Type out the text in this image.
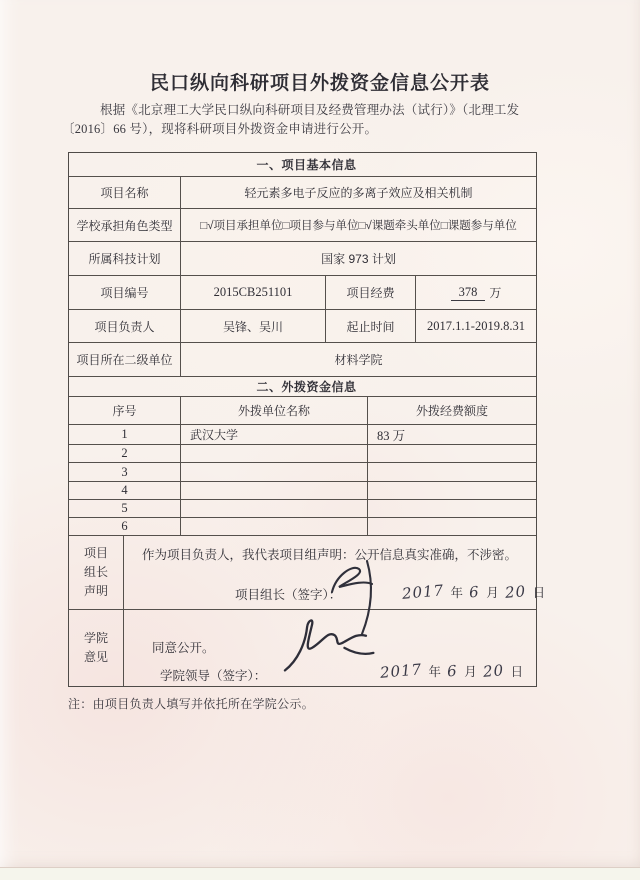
民口纵向科研项目外拨资金信息公开表
根据《北京理工大学民口纵向科研项目及经费管理办法（试行）》（北理工发
〔2016〕66 号），现将科研项目外拨资金申请进行公开。
一、项目基本信息
项目名称	轻元素多电子反应的多离子效应及相关机制
学校承担角色类型	□√项目承担单位□项目参与单位□√课题牵头单位□课题参与单位
所属科技计划	国家 973 计划
项目编号	2015CB251101	项目经费	378	万
项目负责人	吴锋、吴川	起止时间	2017.1.1-2019.8.31
项目所在二级单位	材料学院
二、外拨资金信息
序号	外拨单位名称	外拨经费额度
1	武汉大学	83 万
2
3
4
5
6
项目
组长
声明
作为项目负责人，我代表项目组声明：公开信息真实准确，不涉密。
项目组长（签字）：	2017 年 6 月 20 日
学院
意见
同意公开。
学院领导（签字）：	2017 年 6 月 20 日
注：由项目负责人填写并依托所在学院公示。
